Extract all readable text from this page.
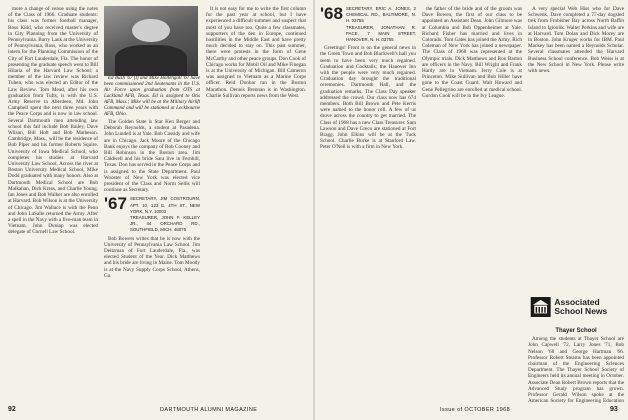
more a change of venue using the notes of the Class of 1966. Graduate students: his class was former football manager, Ross Kidd, who received master's degree in City Planning from the University of Pennsylvania. Barry Lank at the University of Pennsylvania, Ross, who worked as an intern for the Planning Commission of the City of Fort Lauderdale, Fla. The honor of presenting the graduate speech went to Bill Hilaria of the Harvard Law School; a member of the law review was Richard Tuhen, who was elected an Editor of the Law Review. Tom Mead, after his own graduation from Tufts, is with the U.S. Army Reserve in Aberdeen, Md. John Campbell spent the next three years with the Peace Corps and is now in law school. Several Dartmouth men attending law school this fall include Bob Bailey, Dave Wilson, Bill Holt and Bob Matheson. Cambridge, Mass., will be the residence of Bob Piper and his former Roberts Squire. University of Iowa Medical School, who completes his studies at Harvard University Law School, Across the river at Boston University Medical School, Mike Dodd graduated with many honors. Also at Dartmouth Medical School are Bob Malkahan, Dick Kress, and Charlie Young. Ian Jones and Bob Walker are also enrolled at Harvard. Bob Wilson is at the University of Chicago. Jim Wallace is with the Penn and John LaSalle returned the Army. After a spell in the Navy with a five-man team in Vietnam, John Dunlap was elected delegate of Cornell Law School.

Ed Bush '67 (l) and Mike Hollengall '67 have been commissioned 2nd lieutenants in the U.S. Air Force upon graduation from OTS at Lackland AFB, Texas. Ed is assigned to Otis AFB, Mass.; Mike will be at the Military Airlift Command and will be stationed at Lockbourne AFB, Ohio.

The Golden State is Star Ken Berger and Deborah Reynolds, a student at Pasadena. John Lundell is at Yale. Bob Cassidy and wife are in Chicago. Jack Moore of the Chicago Bank enjoys the company of Bob Cooney and Bill Robinson in the Boston area. Jim Caldwell and his bride Sara live in Fernhill, Texas. Don has served in the Peace Corps and is assigned to the State Department. Paul Wooster of New York was elected vice president of the Class and Norm Sellis will continue as Secretary.

'67 SECRETARY, JIM COSTROURN, APT. 10, 123 E. 4TH ST., NEW YORK, N.Y. 10003
TREASURER, JOHN F. KELLEY JR., 44 ORCHARD RD., SOUTHFIELD, MICH. 48075

Bob Bowers writes that he is now with the University of Pennsylvania Law School. Jim Deitzman of Fort Lauderdale, Fla., was elected Student of the Year. Dick Matthews and his bride are living in Maine. Tom Moody is at the Navy Supply Corps School, Athens, Ga.

It is not easy for me to write the first column for the past year at school, but I have experienced a difficult summer and suspect that most of you have too. Quite a few classmates, supporters of the den in Europe, continued hostilities in the Middle East and have pretty much decided to stay on. This past summer, there were protests in the form of Gene McCarthy and other peace groups. Don Cook of Chicago works for Mobil Oil and Mike Finegan is at the University of Michigan. Bill Cameron was assigned to Vietnam as a Marine Corps officer. Reid Dunbar ran in the Boston Marathon. Dennis Brennan is in Washington. Charlie Sullivan reports news from the West.

92	DARTMOUTH ALUMNI MAGAZINE
'68 SECRETARY, ERIC A. JONES, 2 CHEMICAL RD., BALTIMORE, N. H. 03755
TREASURER, JONATHAN R. PACE, 7 MAIN STREET, HANOVER, N. H. 03755

Greetings! Front is on the general news in the Green Town and Bob Blackwell's hall you seem to have been very much regained. Graduation and Cocktails; the Hanover Inn with the people were very much regained. Graduation day brought the traditional ceremonies. Dartmouth Hall, and the graduation remarks. The Class Day speaker addressed the crowd. Our class now has 674 members. Both Bill Brown and Pete Kerris were named to the honor roll. A few of us drove across the country to get married. The Class of 1968 has a new Class Treasurer. Sam Lawson and Dave Greco are stationed at Fort Bragg. John Elkins will be at the Tuck School. Charlie Burke is at Stanford Law. Peter O'Neil is with a firm in New York.

the father of the bride and of the groom was Dave Bowen, the first of our class to be appointed an Assistant Dean. John Gilmore was at Columbia and Bob Oppenheimer at Yale. Richard Fisher has married and lives in Colorado. Tom Gates has joined the Army. Rich Coleman of New York has joined a newspaper. The Class of 1968 was represented at the Olympic trials. Dick Matthews and Ron Barton are officers in the Navy. Bill Wright and Frank Hardy are in Vietnam. Jerry Cole is at Princeton. Mike Sullivan and Bob Hiller have gone to the Coast Guard. Walt Howard and Gene Pellegrino are enrolled at medical school. Gordon Cook will be in the Ivy League.

A very special Web Hiss who for Dave Schwenk, Dave completed a 77-day dogsled trek from Frobisher Bay across North Baffin Island to Igloolik. Walter Perkins and wife are at Harvard. Tom Dolan and Dick Morey are in Boston. John Kruger works for IBM. Paul Mackey has been named a Reynolds Scholar. Several classmates attended the Harvard Business School conference. Bob Weiss is at the New School in New York. Please write with news.

Associated School News
Thayer School

Among the students at Thayer School are John Capwell '72, Larry Jones '71, Bob Nelson '68 and George Hartman '66. Professor Robert Stearns has been appointed chairman of the Engineering Sciences Department. The Thayer School Society of Engineers held its annual meeting in October. Associate Dean Robert Brown reports that the Advanced Study program has grown. Professor Gerald Wilson spoke at the American Society for Engineering Education

Issue of OCTOBER 1968	93
